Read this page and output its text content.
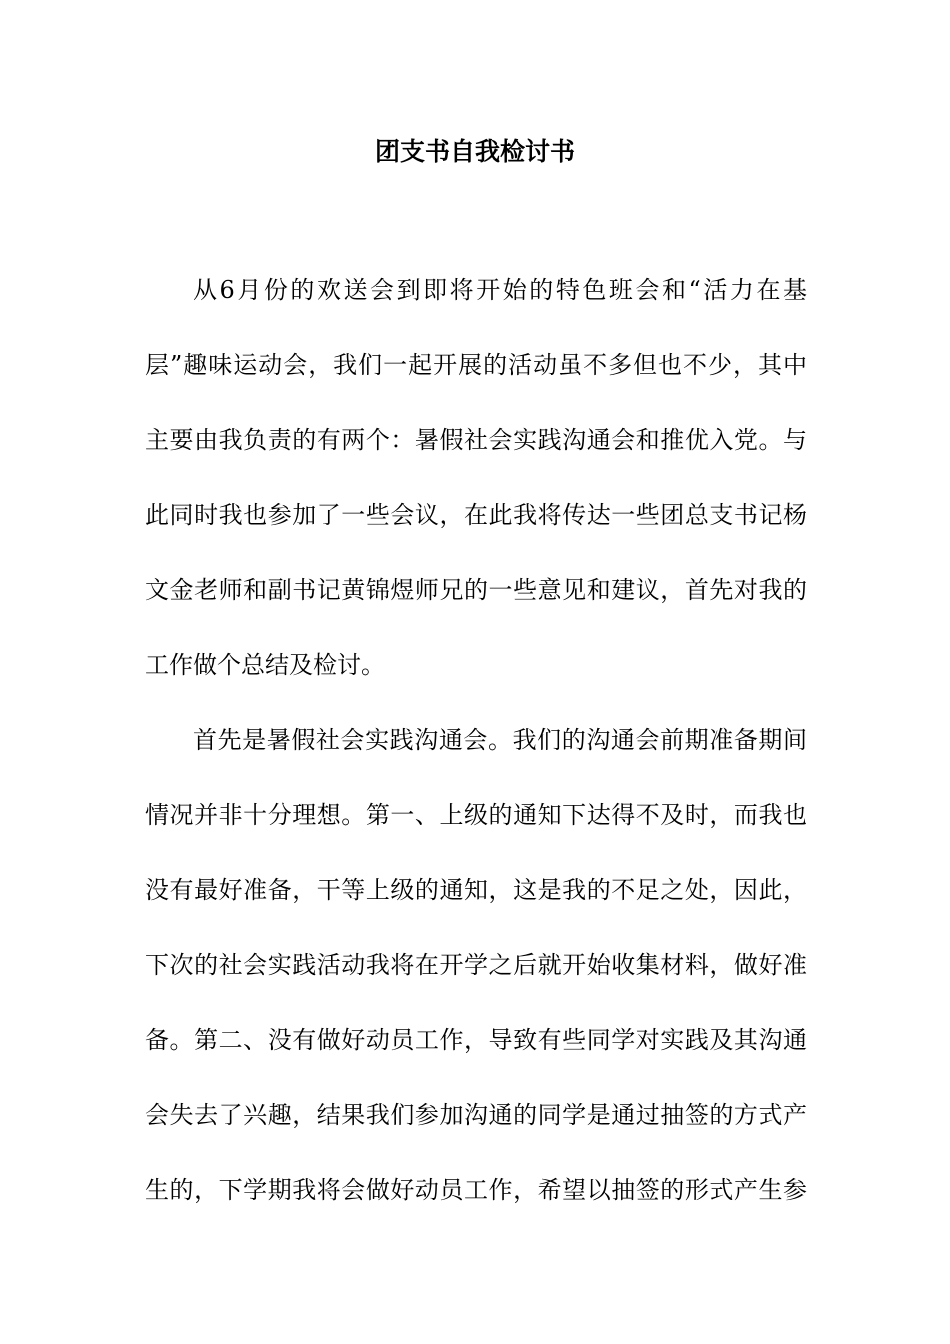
团支书自我检讨书
从6月份的欢送会到即将开始的特色班会和“活力在基
层”趣味运动会，我们一起开展的活动虽不多但也不少，其中
主要由我负责的有两个：暑假社会实践沟通会和推优入党。与
此同时我也参加了一些会议，在此我将传达一些团总支书记杨
文金老师和副书记黄锦煜师兄的一些意见和建议，首先对我的
工作做个总结及检讨。
首先是暑假社会实践沟通会。我们的沟通会前期准备期间
情况并非十分理想。第一、上级的通知下达得不及时，而我也
没有最好准备，干等上级的通知，这是我的不足之处，因此，
下次的社会实践活动我将在开学之后就开始收集材料，做好准
备。第二、没有做好动员工作，导致有些同学对实践及其沟通
会失去了兴趣，结果我们参加沟通的同学是通过抽签的方式产
生的，下学期我将会做好动员工作，希望以抽签的形式产生参
